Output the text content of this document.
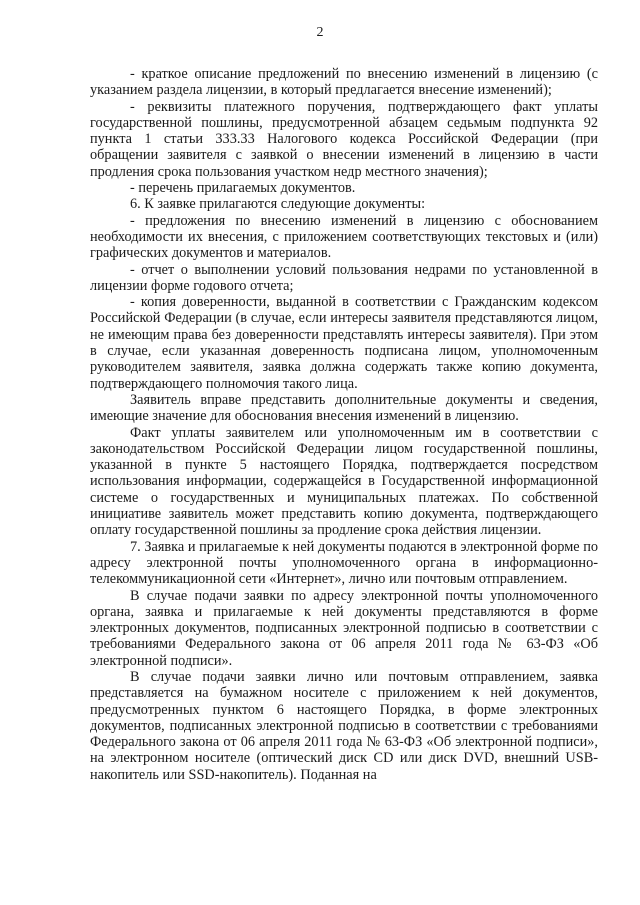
2

- краткое описание предложений по внесению изменений в лицензию (с указанием раздела лицензии, в который предлагается внесение изменений);

- реквизиты платежного поручения, подтверждающего факт уплаты государственной пошлины, предусмотренной абзацем седьмым подпункта 92 пункта 1 статьи 333.33 Налогового кодекса Российской Федерации (при обращении заявителя с заявкой о внесении изменений в лицензию в части продления срока пользования участком недр местного значения);

- перечень прилагаемых документов.

6. К заявке прилагаются следующие документы:

- предложения по внесению изменений в лицензию с обоснованием необходимости их внесения, с приложением соответствующих текстовых и (или) графических документов и материалов.

- отчет о выполнении условий пользования недрами по установленной в лицензии форме годового отчета;

- копия доверенности, выданной в соответствии с Гражданским кодексом Российской Федерации (в случае, если интересы заявителя представляются лицом, не имеющим права без доверенности представлять интересы заявителя). При этом в случае, если указанная доверенность подписана лицом, уполномоченным руководителем заявителя, заявка должна содержать также копию документа, подтверждающего полномочия такого лица.

Заявитель вправе представить дополнительные документы и сведения, имеющие значение для обоснования внесения изменений в лицензию.

Факт уплаты заявителем или уполномоченным им в соответствии с законодательством Российской Федерации лицом государственной пошлины, указанной в пункте 5 настоящего Порядка, подтверждается посредством использования информации, содержащейся в Государственной информационной системе о государственных и муниципальных платежах. По собственной инициативе заявитель может представить копию документа, подтверждающего оплату государственной пошлины за продление срока действия лицензии.

7. Заявка и прилагаемые к ней документы подаются в электронной форме по адресу электронной почты уполномоченного органа в информационно-телекоммуникационной сети «Интернет», лично или почтовым отправлением.

В случае подачи заявки по адресу электронной почты уполномоченного органа, заявка и прилагаемые к ней документы представляются в форме электронных документов, подписанных электронной подписью в соответствии с требованиями Федерального закона от 06 апреля 2011 года № 63-ФЗ «Об электронной подписи».

В случае подачи заявки лично или почтовым отправлением, заявка представляется на бумажном носителе с приложением к ней документов, предусмотренных пунктом 6 настоящего Порядка, в форме электронных документов, подписанных электронной подписью в соответствии с требованиями Федерального закона от 06 апреля 2011 года № 63-ФЗ «Об электронной подписи», на электронном носителе (оптический диск CD или диск DVD, внешний USB-накопитель или SSD-накопитель). Поданная на
